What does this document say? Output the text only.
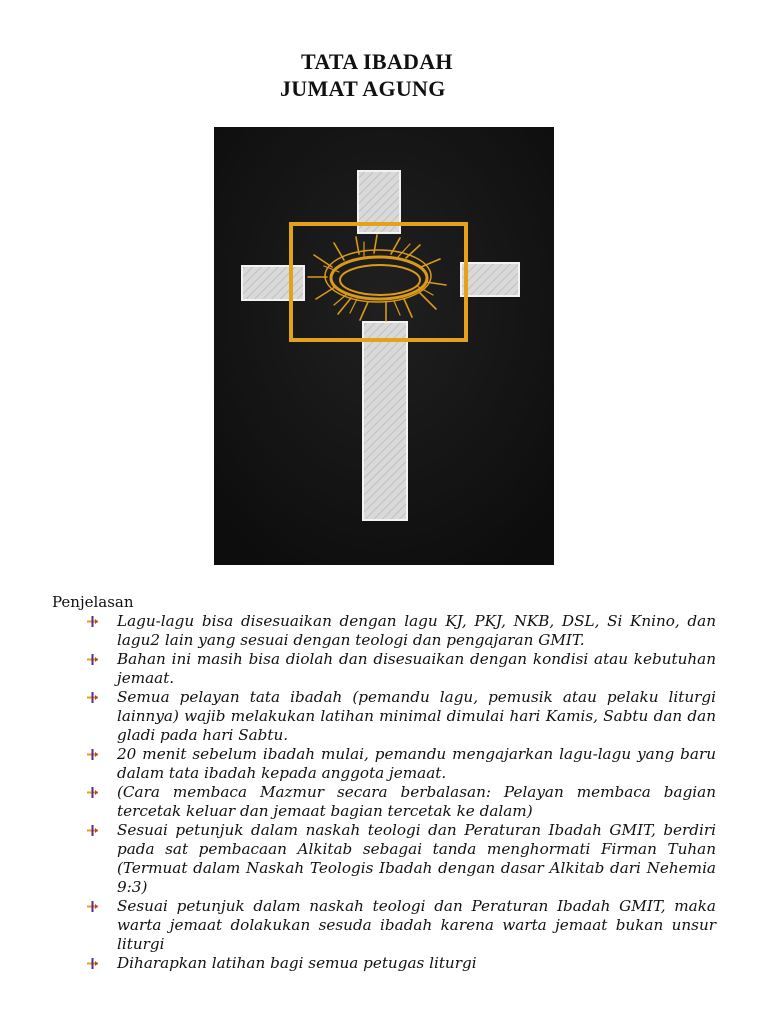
TATA IBADAH
JUMAT AGUNG
Penjelasan
Lagu-lagu bisa disesuaikan dengan lagu KJ, PKJ, NKB, DSL, Si Knino, dan lagu2 lain yang sesuai dengan teologi dan pengajaran GMIT.
Bahan ini masih bisa diolah dan disesuaikan dengan kondisi atau kebutuhan jemaat.
Semua pelayan tata ibadah (pemandu lagu, pemusik atau pelaku liturgi lainnya) wajib melakukan latihan minimal dimulai hari Kamis, Sabtu dan dan gladi pada hari Sabtu.
20 menit sebelum ibadah mulai, pemandu mengajarkan lagu-lagu yang baru dalam tata ibadah kepada anggota jemaat.
(Cara membaca Mazmur secara berbalasan: Pelayan membaca bagian tercetak keluar dan jemaat bagian tercetak ke dalam)
Sesuai petunjuk dalam naskah teologi dan Peraturan Ibadah GMIT, berdiri pada sat pembacaan Alkitab sebagai tanda menghormati Firman Tuhan (Termuat dalam Naskah Teologis Ibadah dengan dasar Alkitab dari Nehemia 9:3)
Sesuai petunjuk dalam naskah teologi dan Peraturan Ibadah GMIT, maka warta jemaat dolakukan sesuda ibadah karena warta jemaat bukan unsur liturgi
Diharapkan latihan bagi semua petugas liturgi
